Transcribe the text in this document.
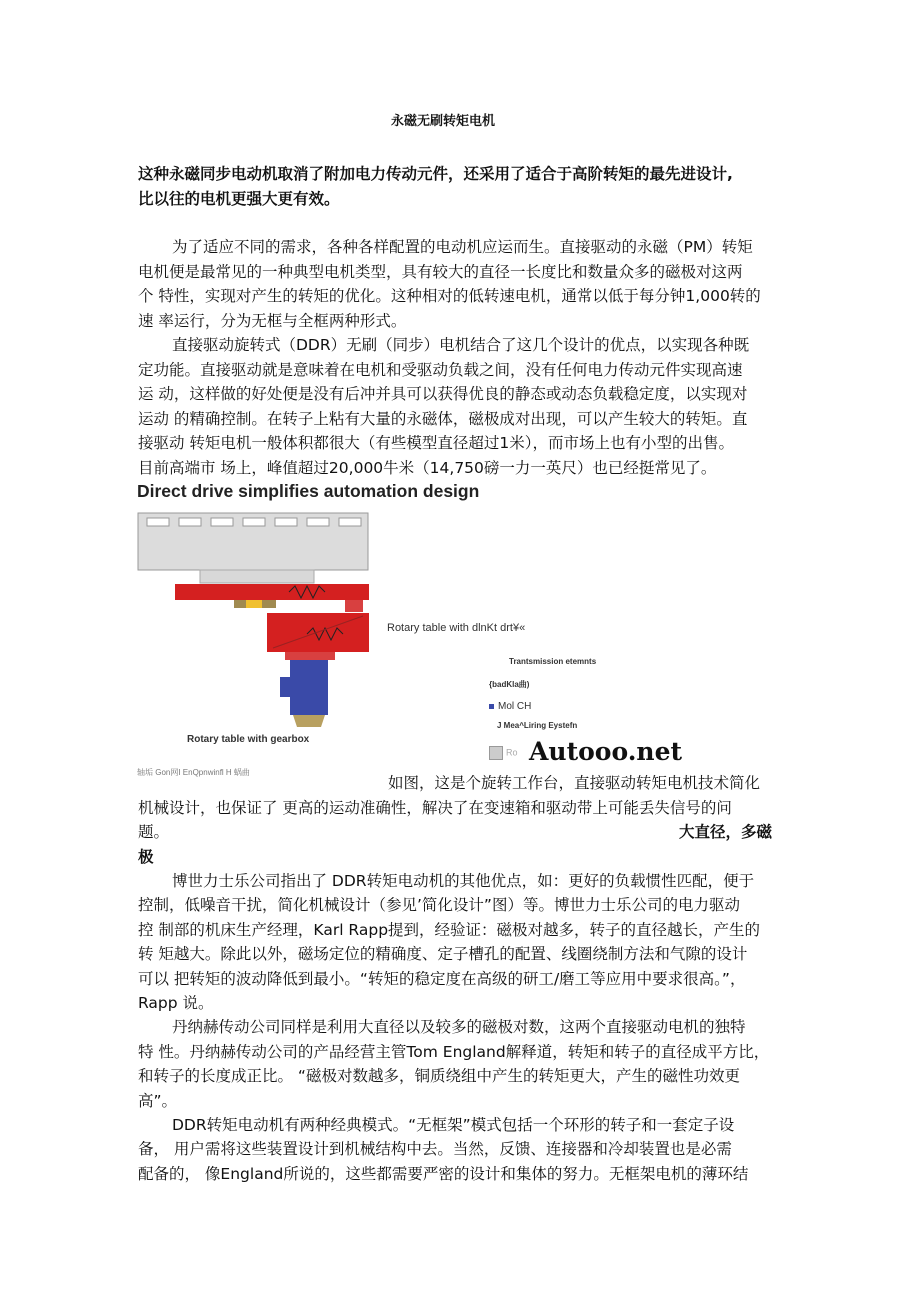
永磁无刷转矩电机
这种永磁同步电动机取消了附加电力传动元件，还采用了适合于高阶转矩的最先进设计,
比以往的电机更强大更有效。
为了适应不同的需求，各种各样配置的电动机应运而生。直接驱动的永磁（PM）转矩
电机便是最常见的一种典型电机类型，具有较大的直径一长度比和数量众多的磁极对这两
个 特性，实现对产生的转矩的优化。这种相对的低转速电机，通常以低于每分钟1,000转的
速 率运行，分为无框与全框两种形式。
直接驱动旋转式（DDR）无刷（同步）电机结合了这几个设计的优点，以实现各种既
定功能。直接驱动就是意味着在电机和受驱动负载之间，没有任何电力传动元件实现高速
运 动，这样做的好处便是没有后冲并具可以获得优良的静态或动态负载稳定度，以实现对
运动 的精确控制。在转子上粘有大量的永磁体，磁极成对出现，可以产生较大的转矩。直
接驱动 转矩电机一般体积都很大（有些模型直径超过1米），而市场上也有小型的出售。
目前高端市 场上，峰值超过20,000牛米（14,750磅一力一英尺）也已经挺常见了。
如图，这是个旋转工作台，直接驱动转矩电机技术简化
机械设计，也保证了 更高的运动准确性，解决了在变速箱和驱动带上可能丢失信号的问
题。	大直径，多磁
极
博世力士乐公司指出了 DDR转矩电动机的其他优点，如：更好的负载惯性匹配，便于
控制，低噪音干扰，简化机械设计（参见’简化设计”图）等。博世力士乐公司的电力驱动
控 制部的机床生产经理，Karl Rapp提到，经验证：磁极对越多，转子的直径越长，产生的
转 矩越大。除此以外，磁场定位的精确度、定子槽孔的配置、线圈绕制方法和气隙的设计
可以 把转矩的波动降低到最小。“转矩的稳定度在高级的研工/磨工等应用中要求很高。”，
Rapp 说。
丹纳赫传动公司同样是利用大直径以及较多的磁极对数，这两个直接驱动电机的独特
特 性。丹纳赫传动公司的产品经营主管Tom England解释道，转矩和转子的直径成平方比，
和转子的长度成正比。 “磁极对数越多，铜质绕组中产生的转矩更大，产生的磁性功效更
高”。
DDR转矩电动机有两种经典模式。“无框架”模式包括一个环形的转子和一套定子设
备， 用户需将这些装置设计到机械结构中去。当然，反馈、连接器和冷却装置也是必需
配备的， 像England所说的，这些都需要严密的设计和集体的努力。无框架电机的薄环结
Direct drive simplifies automation design
Rotary table with dlnKt drt¥«
Rotary table with gearbox
Trantsmission etemnts
{badKla曲)
Mol CH
J Mea^Liring Eystefn
Ro Autooo.net
轴垢 Gon网I EnQpnwinfl H 蜗曲
